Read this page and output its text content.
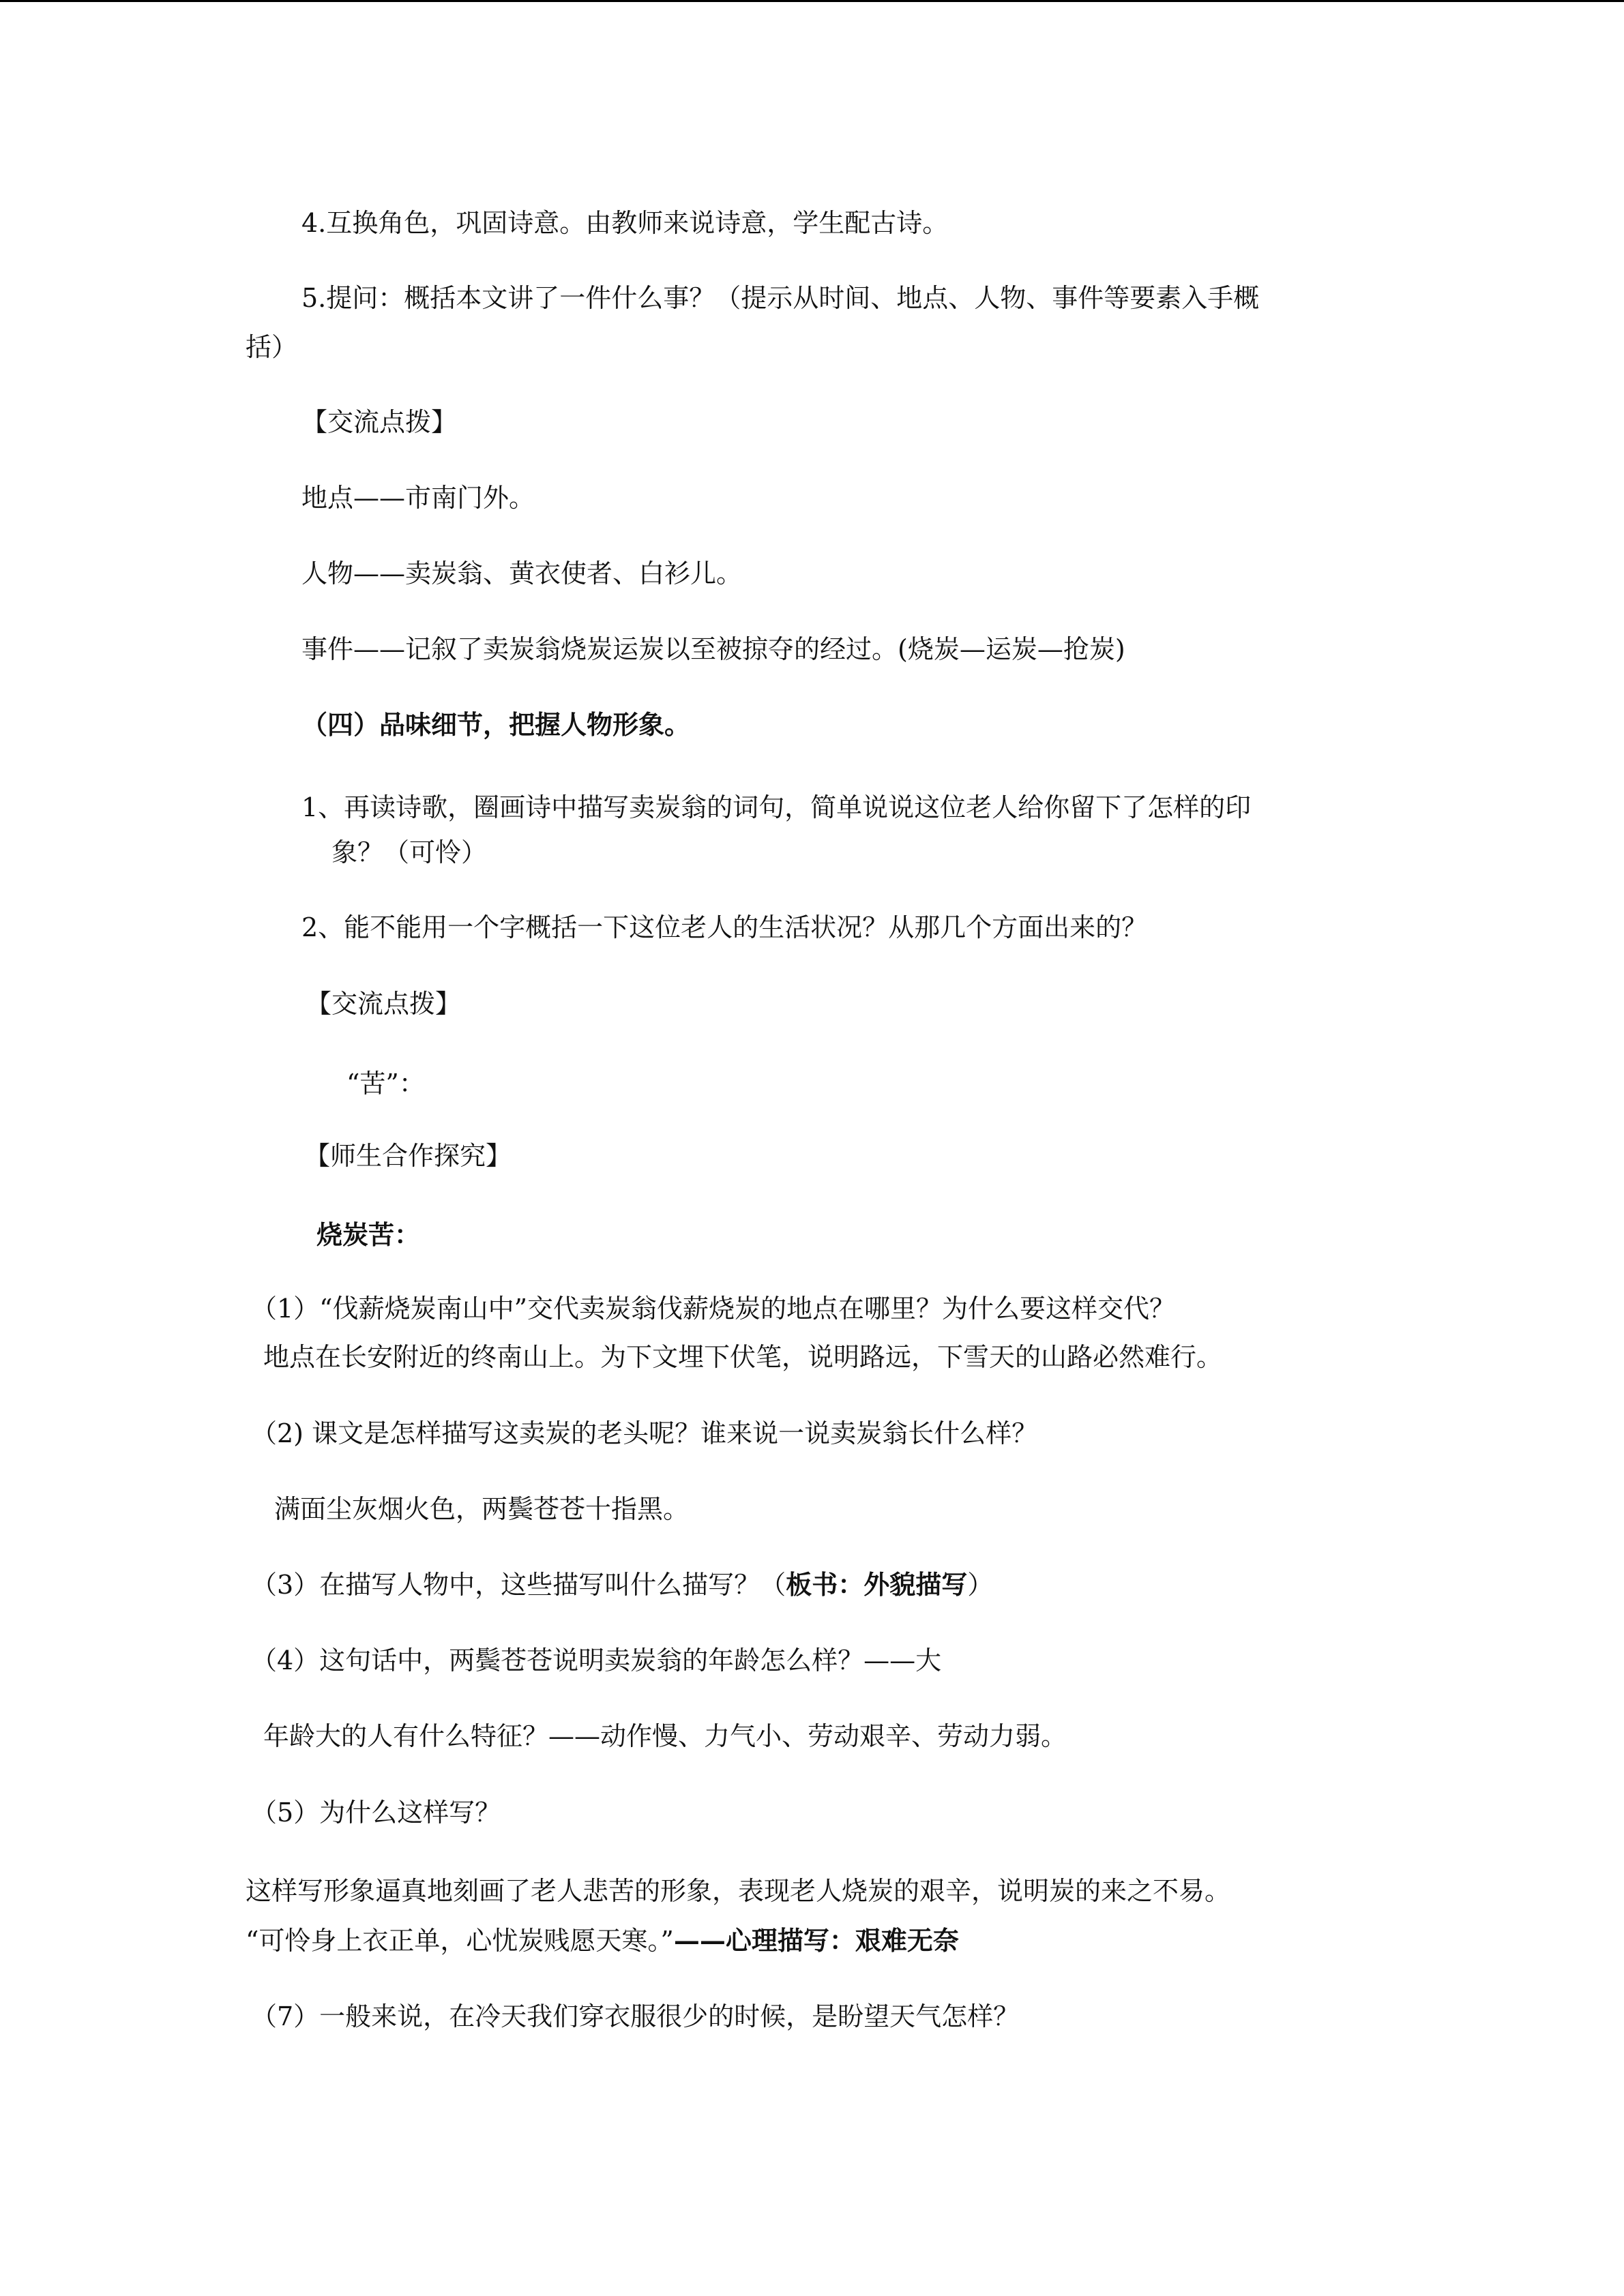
4.互换角色，巩固诗意。由教师来说诗意，学生配古诗。

5.提问：概括本文讲了一件什么事？（提示从时间、地点、人物、事件等要素入手概

括）

【交流点拨】

地点——市南门外。

人物——卖炭翁、黄衣使者、白衫儿。

事件——记叙了卖炭翁烧炭运炭以至被掠夺的经过。(烧炭—运炭—抢炭)

（四）品味细节，把握人物形象。

1、再读诗歌，圈画诗中描写卖炭翁的词句，简单说说这位老人给你留下了怎样的印

象？（可怜）

2、能不能用一个字概括一下这位老人的生活状况？从那几个方面出来的？

【交流点拨】

“苦”：

【师生合作探究】

烧炭苦：

（1）“伐薪烧炭南山中”交代卖炭翁伐薪烧炭的地点在哪里？为什么要这样交代？

地点在长安附近的终南山上。为下文埋下伏笔，说明路远，下雪天的山路必然难行。

（2) 课文是怎样描写这卖炭的老头呢？谁来说一说卖炭翁长什么样？

满面尘灰烟火色，两鬓苍苍十指黑。

（3）在描写人物中，这些描写叫什么描写？（板书：外貌描写）

（4）这句话中，两鬓苍苍说明卖炭翁的年龄怎么样？——大

年龄大的人有什么特征？——动作慢、力气小、劳动艰辛、劳动力弱。

（5）为什么这样写？

这样写形象逼真地刻画了老人悲苦的形象，表现老人烧炭的艰辛，说明炭的来之不易。

“可怜身上衣正单，心忧炭贱愿天寒。”——心理描写：艰难无奈

（7）一般来说，在冷天我们穿衣服很少的时候，是盼望天气怎样？
